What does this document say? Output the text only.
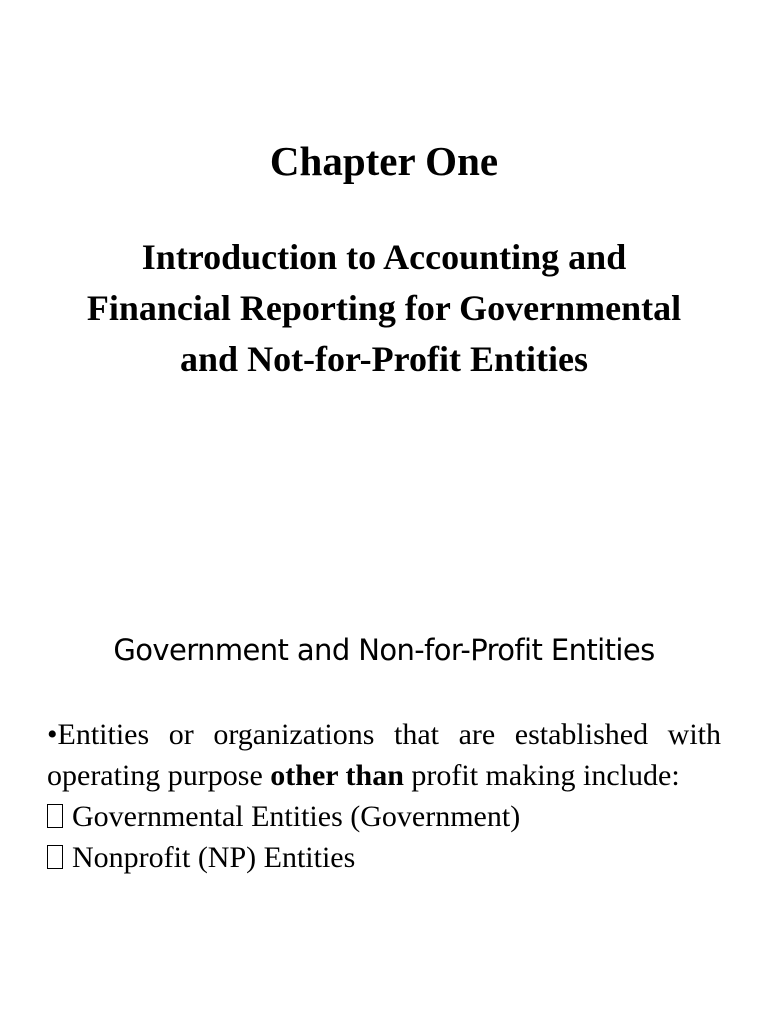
Chapter One
Introduction to Accounting and Financial Reporting for Governmental and Not-for-Profit Entities
Government and Non-for-Profit Entities

•Entities or organizations that are established with operating purpose other than profit making include:

Governmental Entities (Government)

Nonprofit (NP) Entities
